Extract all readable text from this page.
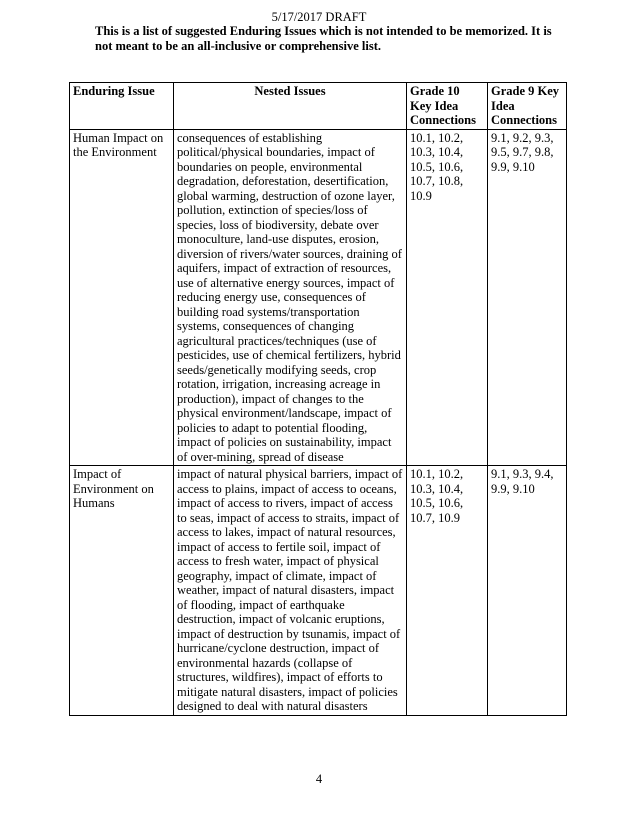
5/17/2017 DRAFT
This is a list of suggested Enduring Issues which is not intended to be memorized. It is not meant to be an all-inclusive or comprehensive list.
Enduring Issue	Nested Issues	Grade 10 Key Idea Connections	Grade 9 Key Idea Connections
Human Impact on the Environment	consequences of establishing political/physical boundaries, impact of boundaries on people, environmental degradation, deforestation, desertification, global warming, destruction of ozone layer, pollution, extinction of species/loss of species, loss of biodiversity, debate over monoculture, land-use disputes, erosion, diversion of rivers/water sources, draining of aquifers, impact of extraction of resources, use of alternative energy sources, impact of reducing energy use, consequences of building road systems/transportation systems, consequences of changing agricultural practices/techniques (use of pesticides, use of chemical fertilizers, hybrid seeds/genetically modifying seeds, crop rotation, irrigation, increasing acreage in production), impact of changes to the physical environment/landscape, impact of policies to adapt to potential flooding, impact of policies on sustainability, impact of over-mining, spread of disease	10.1, 10.2, 10.3, 10.4, 10.5, 10.6, 10.7, 10.8, 10.9	9.1, 9.2, 9.3, 9.5, 9.7, 9.8, 9.9, 9.10
Impact of Environment on Humans	impact of natural physical barriers, impact of access to plains, impact of access to oceans, impact of access to rivers, impact of access to seas, impact of access to straits, impact of access to lakes, impact of natural resources, impact of access to fertile soil, impact of access to fresh water, impact of physical geography, impact of climate, impact of weather, impact of natural disasters, impact of flooding, impact of earthquake destruction, impact of volcanic eruptions, impact of destruction by tsunamis, impact of hurricane/cyclone destruction, impact of environmental hazards (collapse of structures, wildfires), impact of efforts to mitigate natural disasters, impact of policies designed to deal with natural disasters	10.1, 10.2, 10.3, 10.4, 10.5, 10.6, 10.7, 10.9	9.1, 9.3, 9.4, 9.9, 9.10
4
